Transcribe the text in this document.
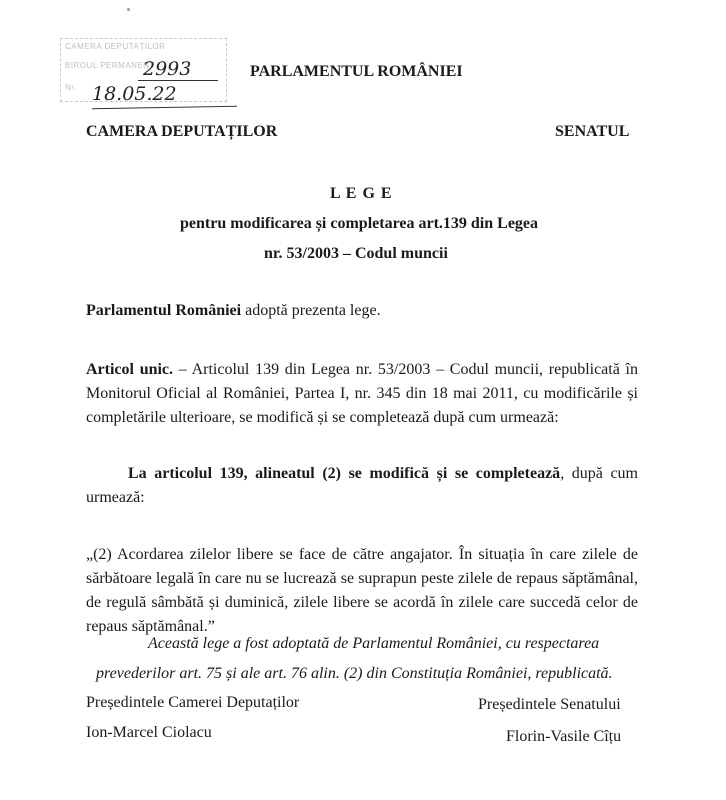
CAMERA DEPUTAȚILOR
BIROUL PERMANENT
Nr.
2993
18.05.22
PARLAMENTUL ROMÂNIEI
CAMERA DEPUTAȚILOR	SENATUL
L E G E
pentru modificarea și completarea art.139 din Legea
nr. 53/2003 – Codul muncii

Parlamentul României adoptă prezenta lege.

Articol unic. – Articolul 139 din Legea nr. 53/2003 – Codul muncii, republicată în Monitorul Oficial al României, Partea I, nr. 345 din 18 mai 2011, cu modificările și completările ulterioare, se modifică și se completează după cum urmează:

La articolul 139, alineatul (2) se modifică și se completează, după cum urmează:

„(2) Acordarea zilelor libere se face de către angajator. În situația în care zilele de sărbătoare legală în care nu se lucrează se suprapun peste zilele de repaus săptămânal, de regulă sâmbătă și duminică, zilele libere se acordă în zilele care succedă celor de repaus săptămânal.”

Această lege a fost adoptată de Parlamentul României, cu respectarea
prevederilor art. 75 și ale art. 76 alin. (2) din Constituția României, republicată.
Președintele Camerei Deputaților
Ion-Marcel Ciolacu
Președintele Senatului
Florin-Vasile Cîțu
